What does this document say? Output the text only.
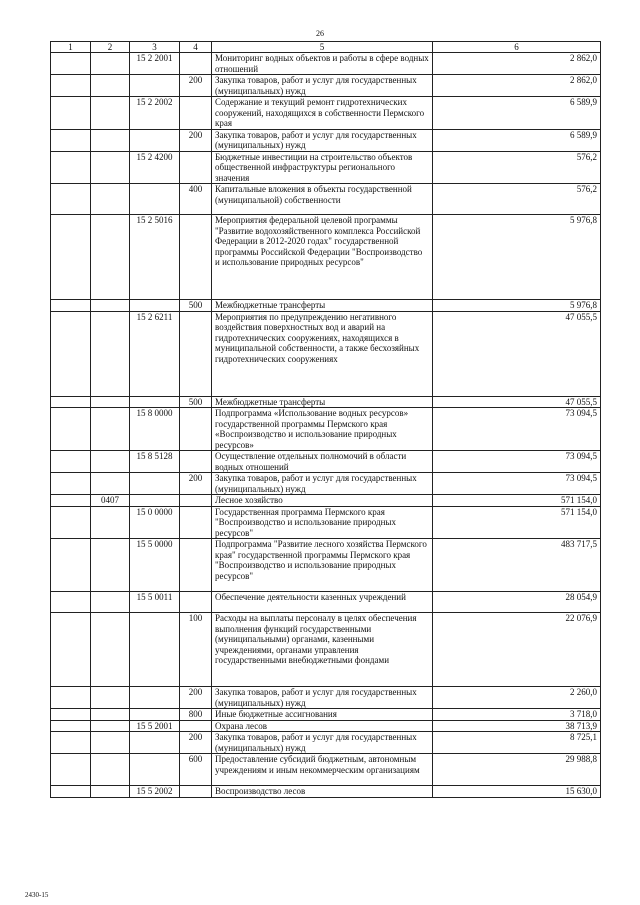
26
1	2	3	4	5	6
		15 2 2001		Мониторинг водных объектов и работы в сфере водных отношений	2 862,0
			200	Закупка товаров, работ и услуг для государственных (муниципальных) нужд	2 862,0
		15 2 2002		Содержание и текущий ремонт гидротехнических сооружений, находящихся в собственности Пермского края	6 589,9
			200	Закупка товаров, работ и услуг для государственных (муниципальных) нужд	6 589,9
		15 2 4200		Бюджетные инвестиции на строительство объектов общественной инфраструктуры регионального значения	576,2
			400	Капитальные вложения в объекты государственной (муниципальной) собственности	576,2
		15 2 5016		Мероприятия федеральной целевой программы "Развитие водохозяйственного комплекса Российской Федерации в 2012-2020 годах" государственной программы Российской Федерации "Воспроизводство и использование природных ресурсов"	5 976,8
			500	Межбюджетные трансферты	5 976,8
		15 2 6211		Мероприятия по предупреждению негативного воздействия поверхностных вод и аварий на гидротехнических сооружениях, находящихся в муниципальной собственности, а также бесхозяйных гидротехнических сооружениях	47 055,5
			500	Межбюджетные трансферты	47 055,5
		15 8 0000		Подпрограмма «Использование водных ресурсов» государственной программы Пермского края «Воспроизводство и использование природных ресурсов»	73 094,5
		15 8 5128		Осуществление отдельных полномочий в области водных отношений	73 094,5
			200	Закупка товаров, работ и услуг для государственных (муниципальных) нужд	73 094,5
	0407			Лесное хозяйство	571 154,0
		15 0 0000		Государственная программа Пермского края "Воспроизводство и использование природных ресурсов"	571 154,0
		15 5 0000		Подпрограмма "Развитие лесного хозяйства Пермского края" государственной программы Пермского края "Воспроизводство и использование природных ресурсов"	483 717,5
		15 5 0011		Обеспечение деятельности казенных учреждений	28 054,9
			100	Расходы на выплаты персоналу в целях обеспечения выполнения функций государственными (муниципальными) органами, казенными учреждениями, органами управления государственными внебюджетными фондами	22 076,9
			200	Закупка товаров, работ и услуг для государственных (муниципальных) нужд	2 260,0
			800	Иные бюджетные ассигнования	3 718,0
		15 5 2001		Охрана лесов	38 713,9
			200	Закупка товаров, работ и услуг для государственных (муниципальных) нужд	8 725,1
			600	Предоставление субсидий бюджетным, автономным учреждениям и иным некоммерческим организациям	29 988,8
		15 5 2002		Воспроизводство лесов	15 630,0
2430-15
